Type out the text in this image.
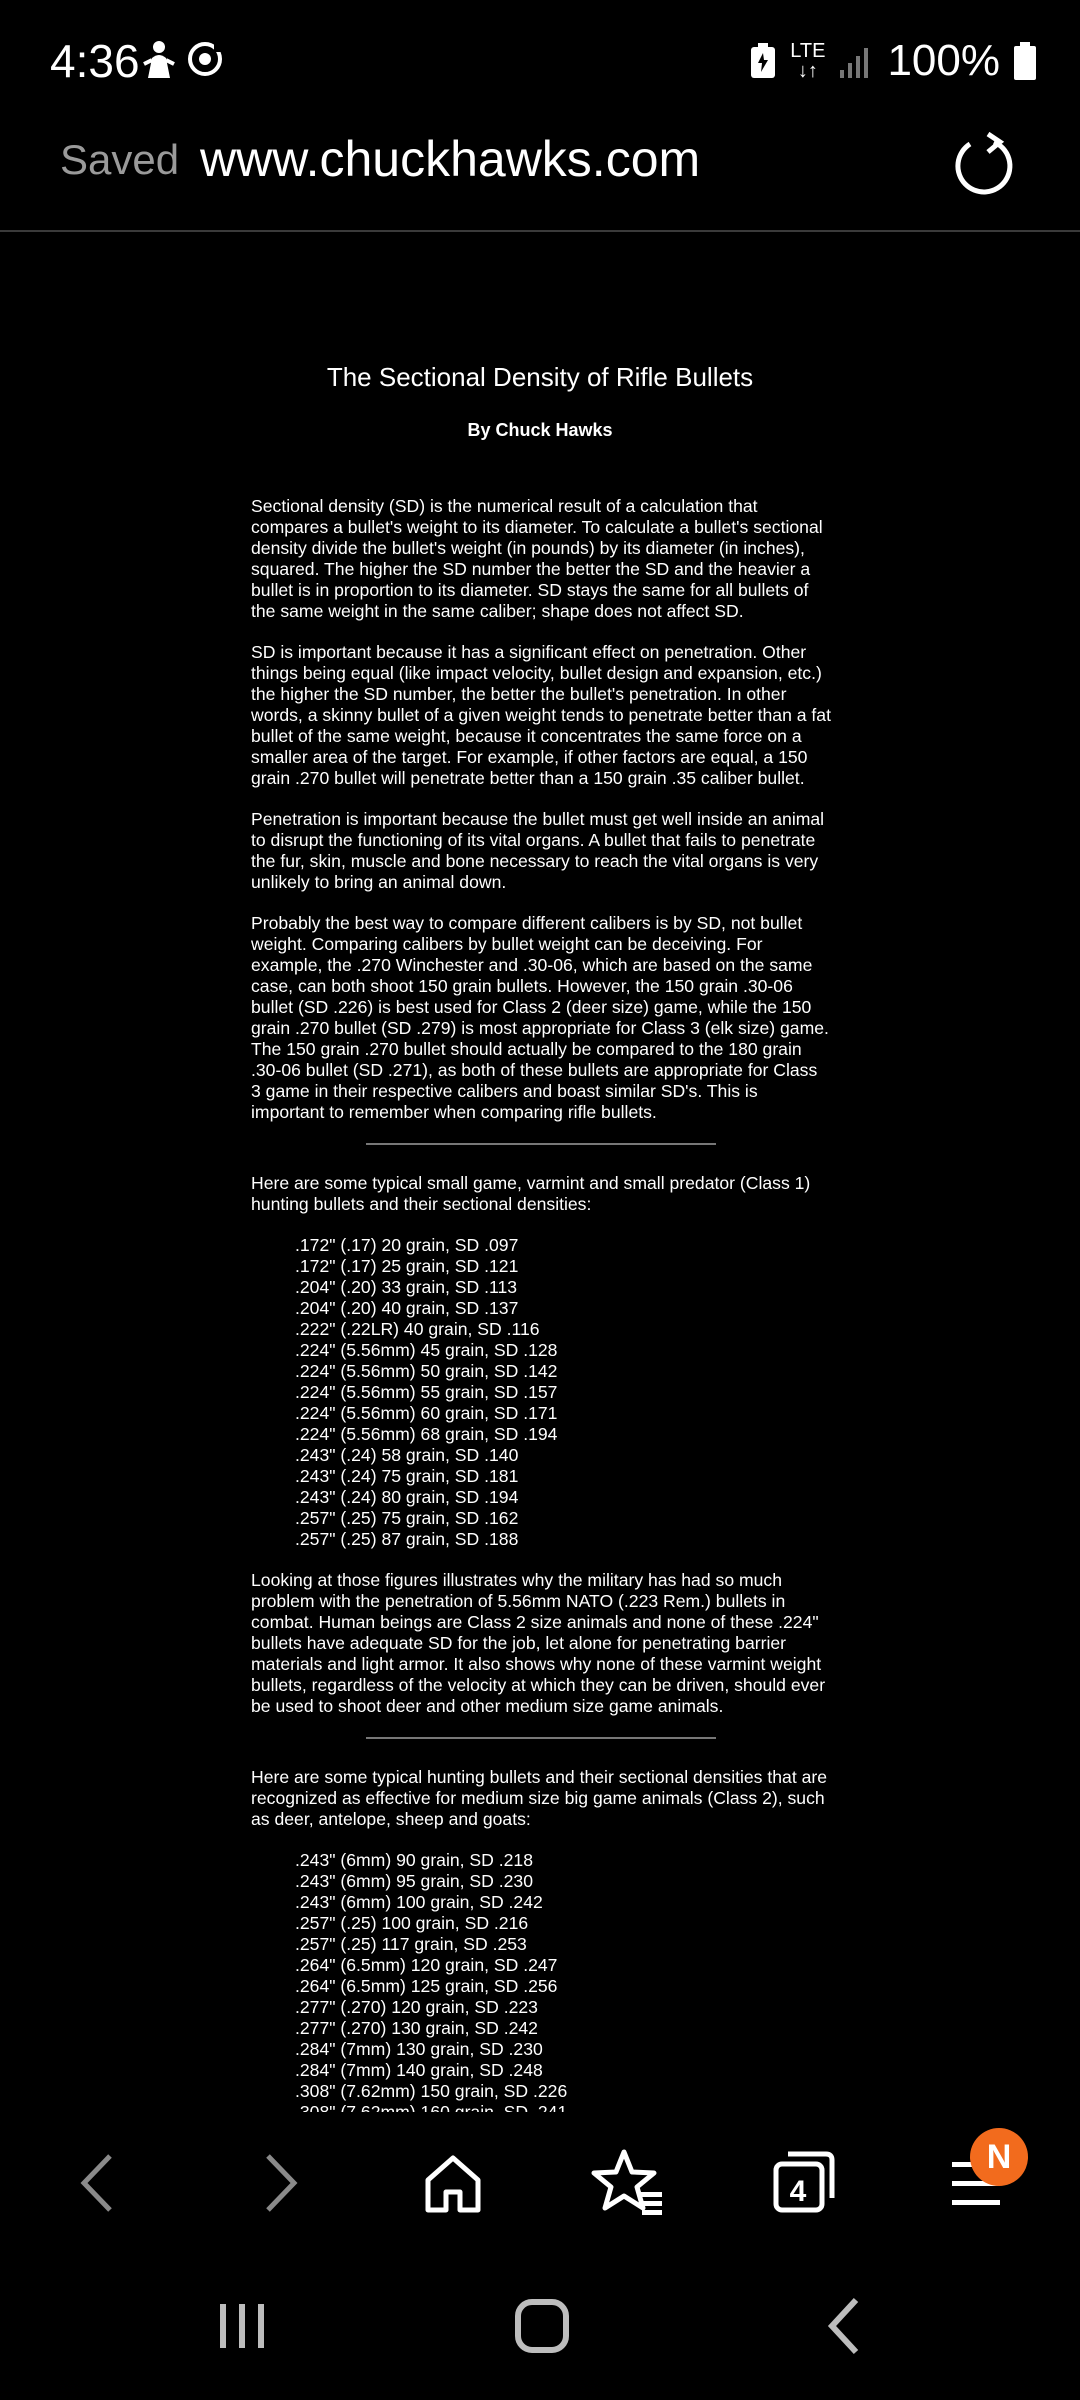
4:36	LTE
↓↑ 100%
Saved www.chuckhawks.com
The Sectional Density of Rifle Bullets
By Chuck Hawks

Sectional density (SD) is the numerical result of a calculation that compares a bullet's weight to its diameter. To calculate a bullet's sectional density divide the bullet's weight (in pounds) by its diameter (in inches), squared. The higher the SD number the better the SD and the heavier a bullet is in proportion to its diameter. SD stays the same for all bullets of the same weight in the same caliber; shape does not affect SD.

SD is important because it has a significant effect on penetration. Other things being equal (like impact velocity, bullet design and expansion, etc.) the higher the SD number, the better the bullet's penetration. In other words, a skinny bullet of a given weight tends to penetrate better than a fat bullet of the same weight, because it concentrates the same force on a smaller area of the target. For example, if other factors are equal, a 150 grain .270 bullet will penetrate better than a 150 grain .35 caliber bullet.

Penetration is important because the bullet must get well inside an animal to disrupt the functioning of its vital organs. A bullet that fails to penetrate the fur, skin, muscle and bone necessary to reach the vital organs is very unlikely to bring an animal down.

Probably the best way to compare different calibers is by SD, not bullet weight. Comparing calibers by bullet weight can be deceiving. For example, the .270 Winchester and .30-06, which are based on the same case, can both shoot 150 grain bullets. However, the 150 grain .30-06 bullet (SD .226) is best used for Class 2 (deer size) game, while the 150 grain .270 bullet (SD .279) is most appropriate for Class 3 (elk size) game. The 150 grain .270 bullet should actually be compared to the 180 grain .30-06 bullet (SD .271), as both of these bullets are appropriate for Class 3 game in their respective calibers and boast similar SD's. This is important to remember when comparing rifle bullets.

Here are some typical small game, varmint and small predator (Class 1) hunting bullets and their sectional densities:

.172" (.17) 20 grain, SD .097
.172" (.17) 25 grain, SD .121
.204" (.20) 33 grain, SD .113
.204" (.20) 40 grain, SD .137
.222" (.22LR) 40 grain, SD .116
.224" (5.56mm) 45 grain, SD .128
.224" (5.56mm) 50 grain, SD .142
.224" (5.56mm) 55 grain, SD .157
.224" (5.56mm) 60 grain, SD .171
.224" (5.56mm) 68 grain, SD .194
.243" (.24) 58 grain, SD .140
.243" (.24) 75 grain, SD .181
.243" (.24) 80 grain, SD .194
.257" (.25) 75 grain, SD .162
.257" (.25) 87 grain, SD .188

Looking at those figures illustrates why the military has had so much problem with the penetration of 5.56mm NATO (.223 Rem.) bullets in combat. Human beings are Class 2 size animals and none of these .224" bullets have adequate SD for the job, let alone for penetrating barrier materials and light armor. It also shows why none of these varmint weight bullets, regardless of the velocity at which they can be driven, should ever be used to shoot deer and other medium size game animals.

Here are some typical hunting bullets and their sectional densities that are recognized as effective for medium size big game animals (Class 2), such as deer, antelope, sheep and goats:

.243" (6mm) 90 grain, SD .218
.243" (6mm) 95 grain, SD .230
.243" (6mm) 100 grain, SD .242
.257" (.25) 100 grain, SD .216
.257" (.25) 117 grain, SD .253
.264" (6.5mm) 120 grain, SD .247
.264" (6.5mm) 125 grain, SD .256
.277" (.270) 120 grain, SD .223
.277" (.270) 130 grain, SD .242
.284" (7mm) 130 grain, SD .230
.284" (7mm) 140 grain, SD .248
.308" (7.62mm) 150 grain, SD .226
4
N
